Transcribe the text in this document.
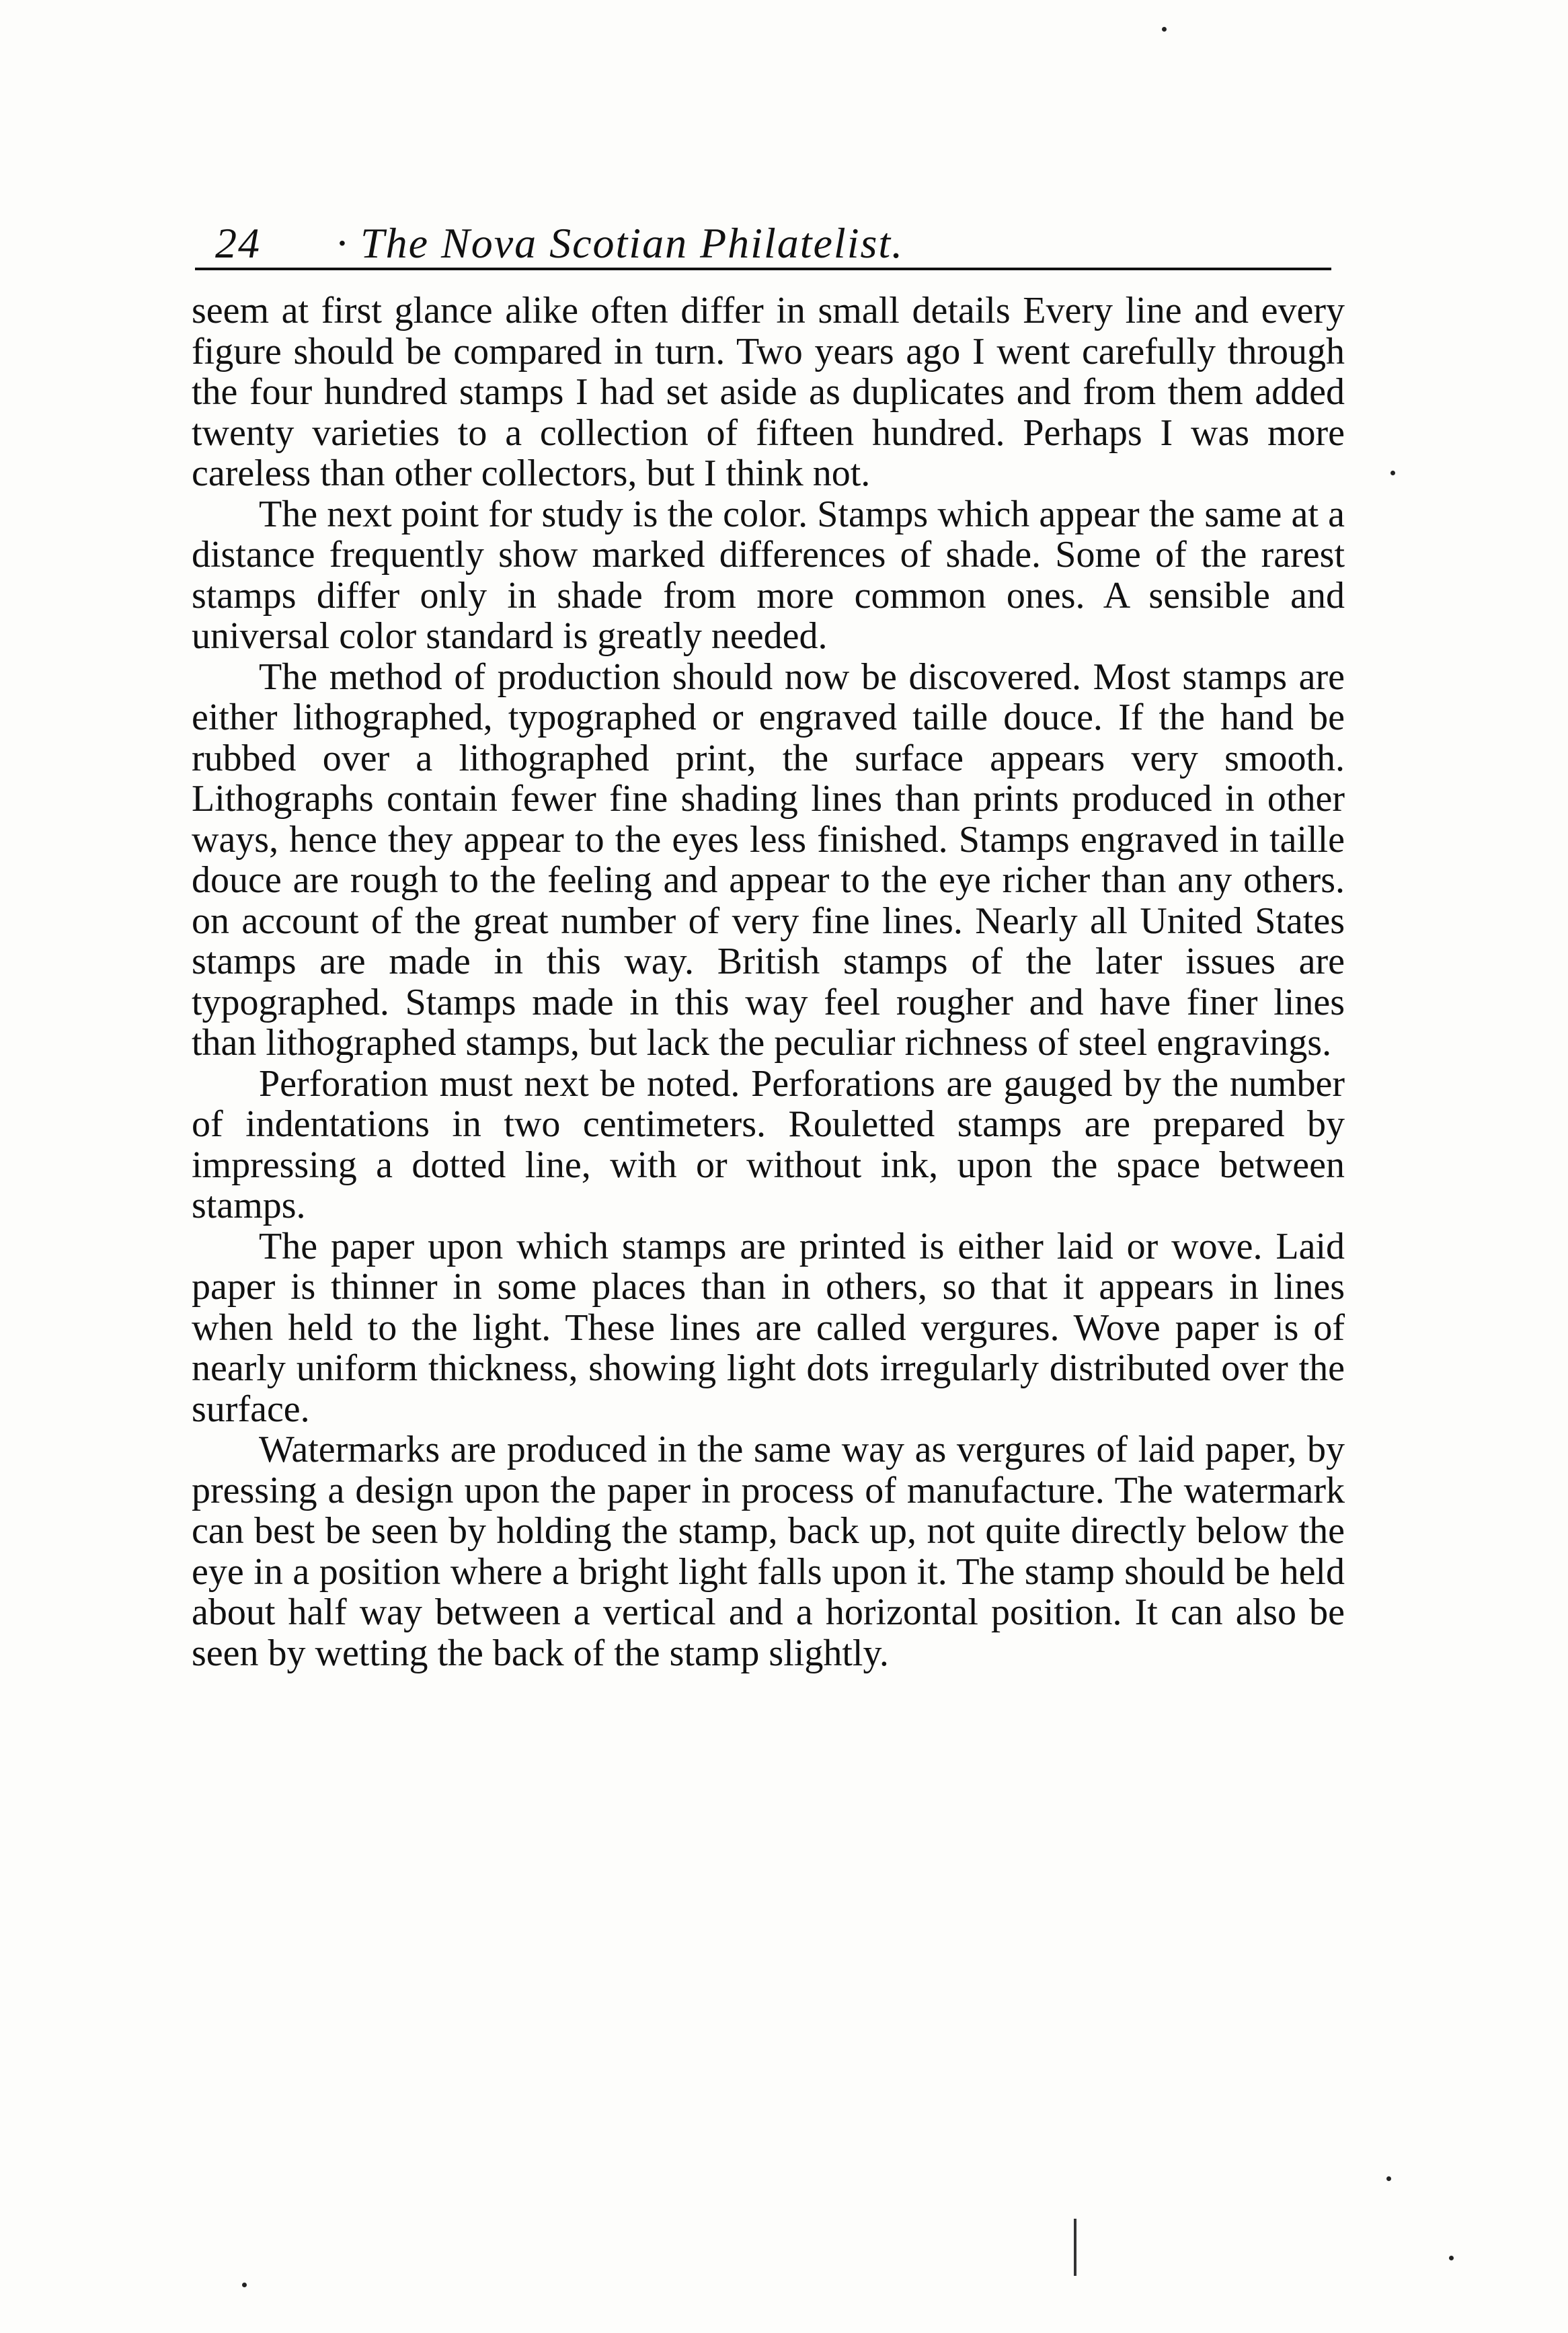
24	· The Nova Scotian Philatelist.

seem at first glance alike often differ in small details Every line and every figure should be compared in turn. Two years ago I went carefully through the four hundred stamps I had set aside as duplicates and from them added twenty varieties to a collection of fifteen hundred. Perhaps I was more careless than other collectors, but I think not.

The next point for study is the color. Stamps which appear the same at a distance frequently show marked differences of shade. Some of the rarest stamps differ only in shade from more common ones. A sensible and universal color standard is greatly needed.

The method of production should now be discovered. Most stamps are either lithographed, typographed or engraved taille douce. If the hand be rubbed over a lithographed print, the surface appears very smooth. Lithographs contain fewer fine shading lines than prints produced in other ways, hence they appear to the eyes less finished. Stamps engraved in taille douce are rough to the feeling and appear to the eye richer than any others. on account of the great number of very fine lines. Nearly all United States stamps are made in this way. British stamps of the later issues are typographed. Stamps made in this way feel rougher and have finer lines than lithographed stamps, but lack the peculiar richness of steel engravings.

Perforation must next be noted. Perforations are gauged by the number of indentations in two centimeters. Rouletted stamps are prepared by impressing a dotted line, with or without ink, upon the space between stamps.

The paper upon which stamps are printed is either laid or wove. Laid paper is thinner in some places than in others, so that it appears in lines when held to the light. These lines are called vergures. Wove paper is of nearly uniform thickness, showing light dots irregularly distributed over the surface.

Watermarks are produced in the same way as vergures of laid paper, by pressing a design upon the paper in process of manufacture. The watermark can best be seen by holding the stamp, back up, not quite directly below the eye in a position where a bright light falls upon it. The stamp should be held about half way between a vertical and a horizontal position. It can also be seen by wetting the back of the stamp slightly.
